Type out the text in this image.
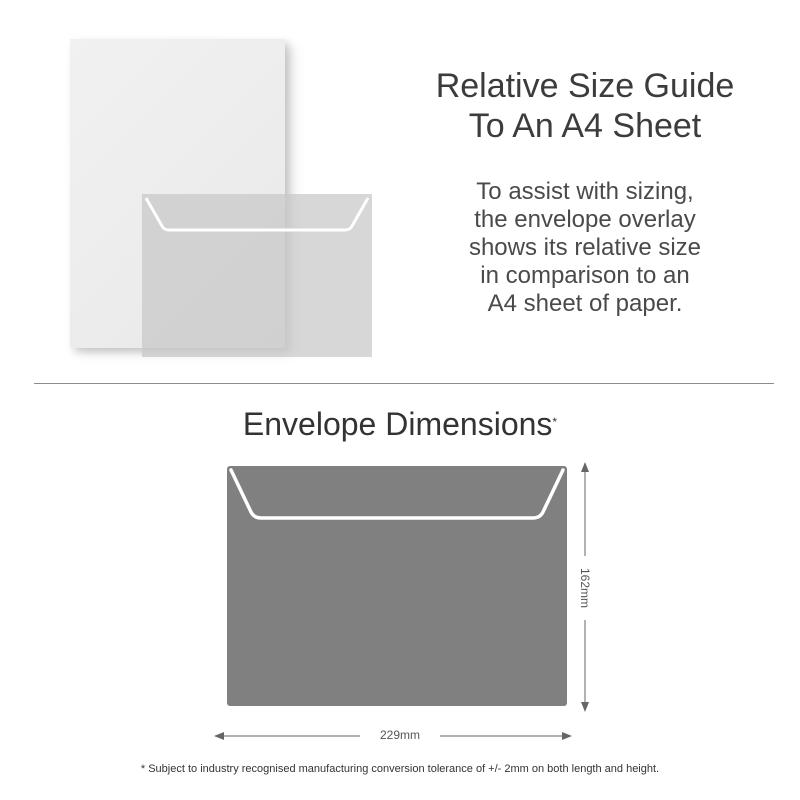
Relative Size Guide
To An A4 Sheet
To assist with sizing,
the envelope overlay
shows its relative size
in comparison to an
A4 sheet of paper.
Envelope Dimensions*
229mm
162mm
* Subject to industry recognised manufacturing conversion tolerance of +/- 2mm on both length and height.
